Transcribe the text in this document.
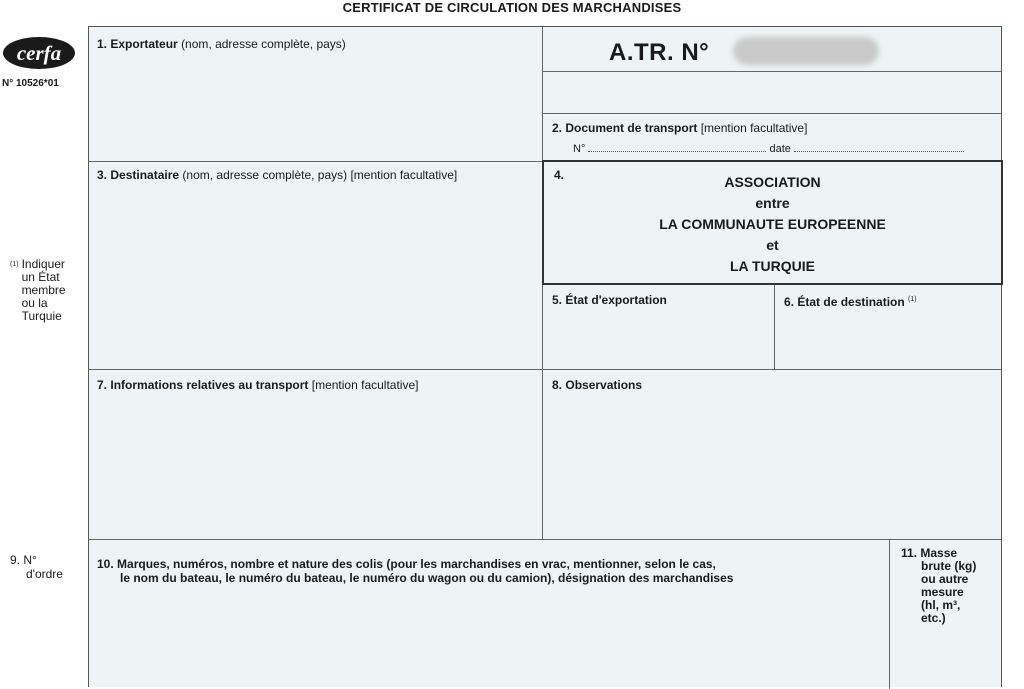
CERTIFICAT DE CIRCULATION DES MARCHANDISES
cerfa
N° 10526*01
(1) Indiquer
un État
membre
ou la
Turquie
9. N°
d'ordre
4.	ASSOCIATION
entre
LA COMMUNAUTE EUROPEENNE
et
LA TURQUIE
1. Exportateur (nom, adresse complète, pays)	A.TR. N°
2. Document de transport [mention facultative]
N°	date
3. Destinataire (nom, adresse complète, pays) [mention facultative]
5. État d'exportation	6. État de destination $^{(1)}$
7. Informations relatives au transport [mention facultative]	8. Observations
10. Marques, numéros, nombre et nature des colis (pour les marchandises en vrac, mentionner, selon le cas,
le nom du bateau, le numéro du bateau, le numéro du wagon ou du camion), désignation des marchandises
11. Masse
brute (kg)
ou autre
mesure
(hl, m³,
etc.)
